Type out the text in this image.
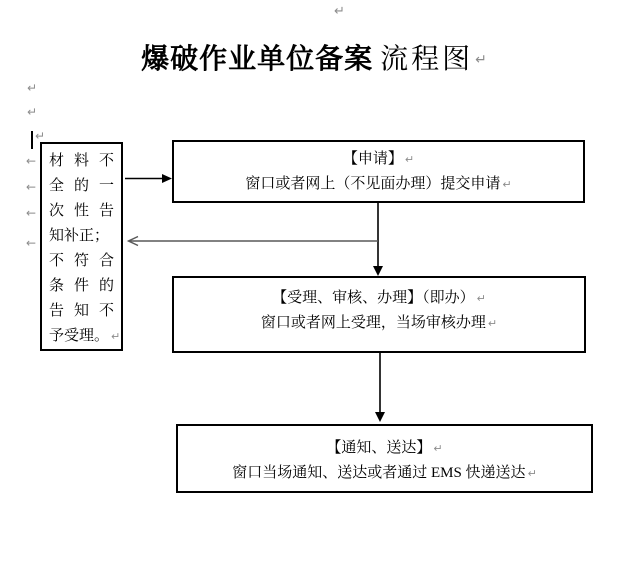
爆破作业单位备案 流程图 ↵
↵
↵
↵
↵
←
←
←
←
材 料 不
全 的 一
次 性 告
知补正；
不 符 合
条 件 的
告 知 不
予受理。 ↵
【申请】 ↵
窗口或者网上（不见面办理）提交申请 ↵
【受理、审核、办理】（即办） ↵
窗口或者网上受理，当场审核办理 ↵
【通知、送达】 ↵
窗口当场通知、送达或者通过 EMS 快递送达 ↵
